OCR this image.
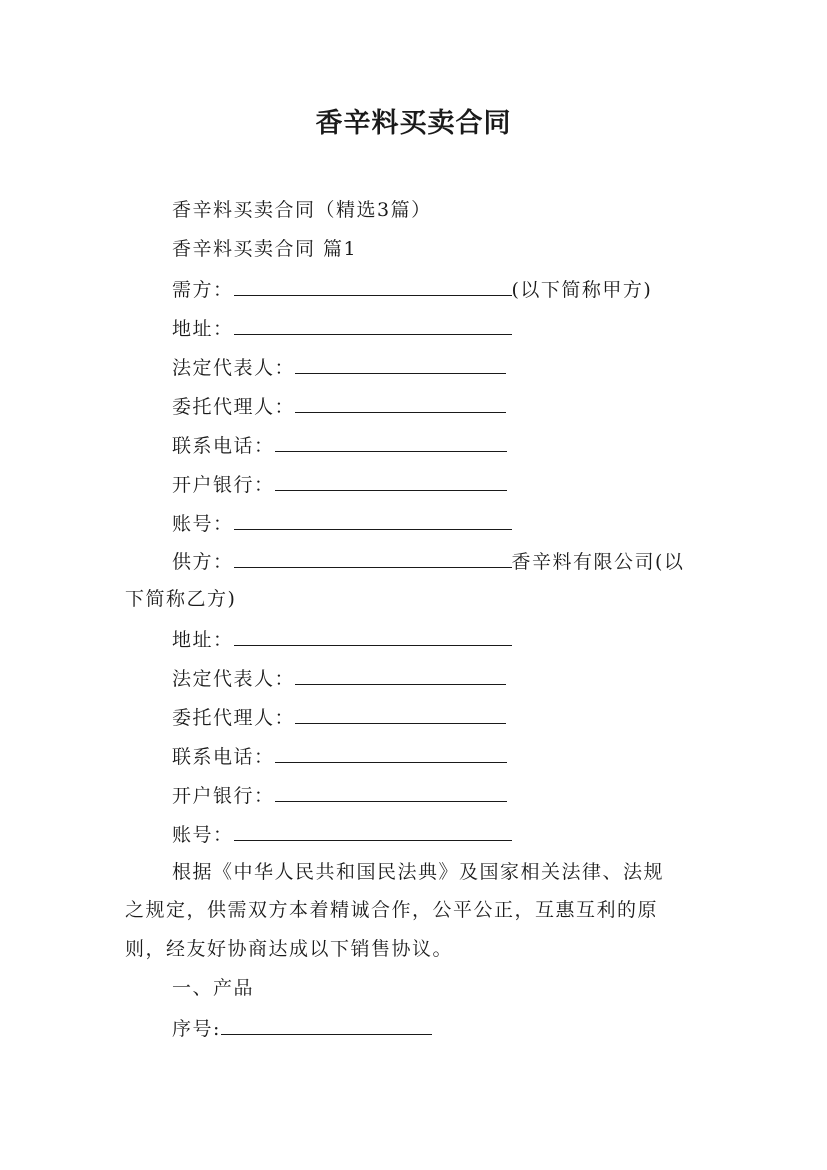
香辛料买卖合同
香辛料买卖合同（精选3篇）
香辛料买卖合同 篇1
需方：	(以下简称甲方)
地址：
法定代表人：
委托代理人：
联系电话：
开户银行：
账号：
供方：	香辛料有限公司(以
下简称乙方)
地址：
法定代表人：
委托代理人：
联系电话：
开户银行：
账号：
根据《中华人民共和国民法典》及国家相关法律、法规
之规定，供需双方本着精诚合作，公平公正，互惠互利的原
则，经友好协商达成以下销售协议。
一、产品
序号:
